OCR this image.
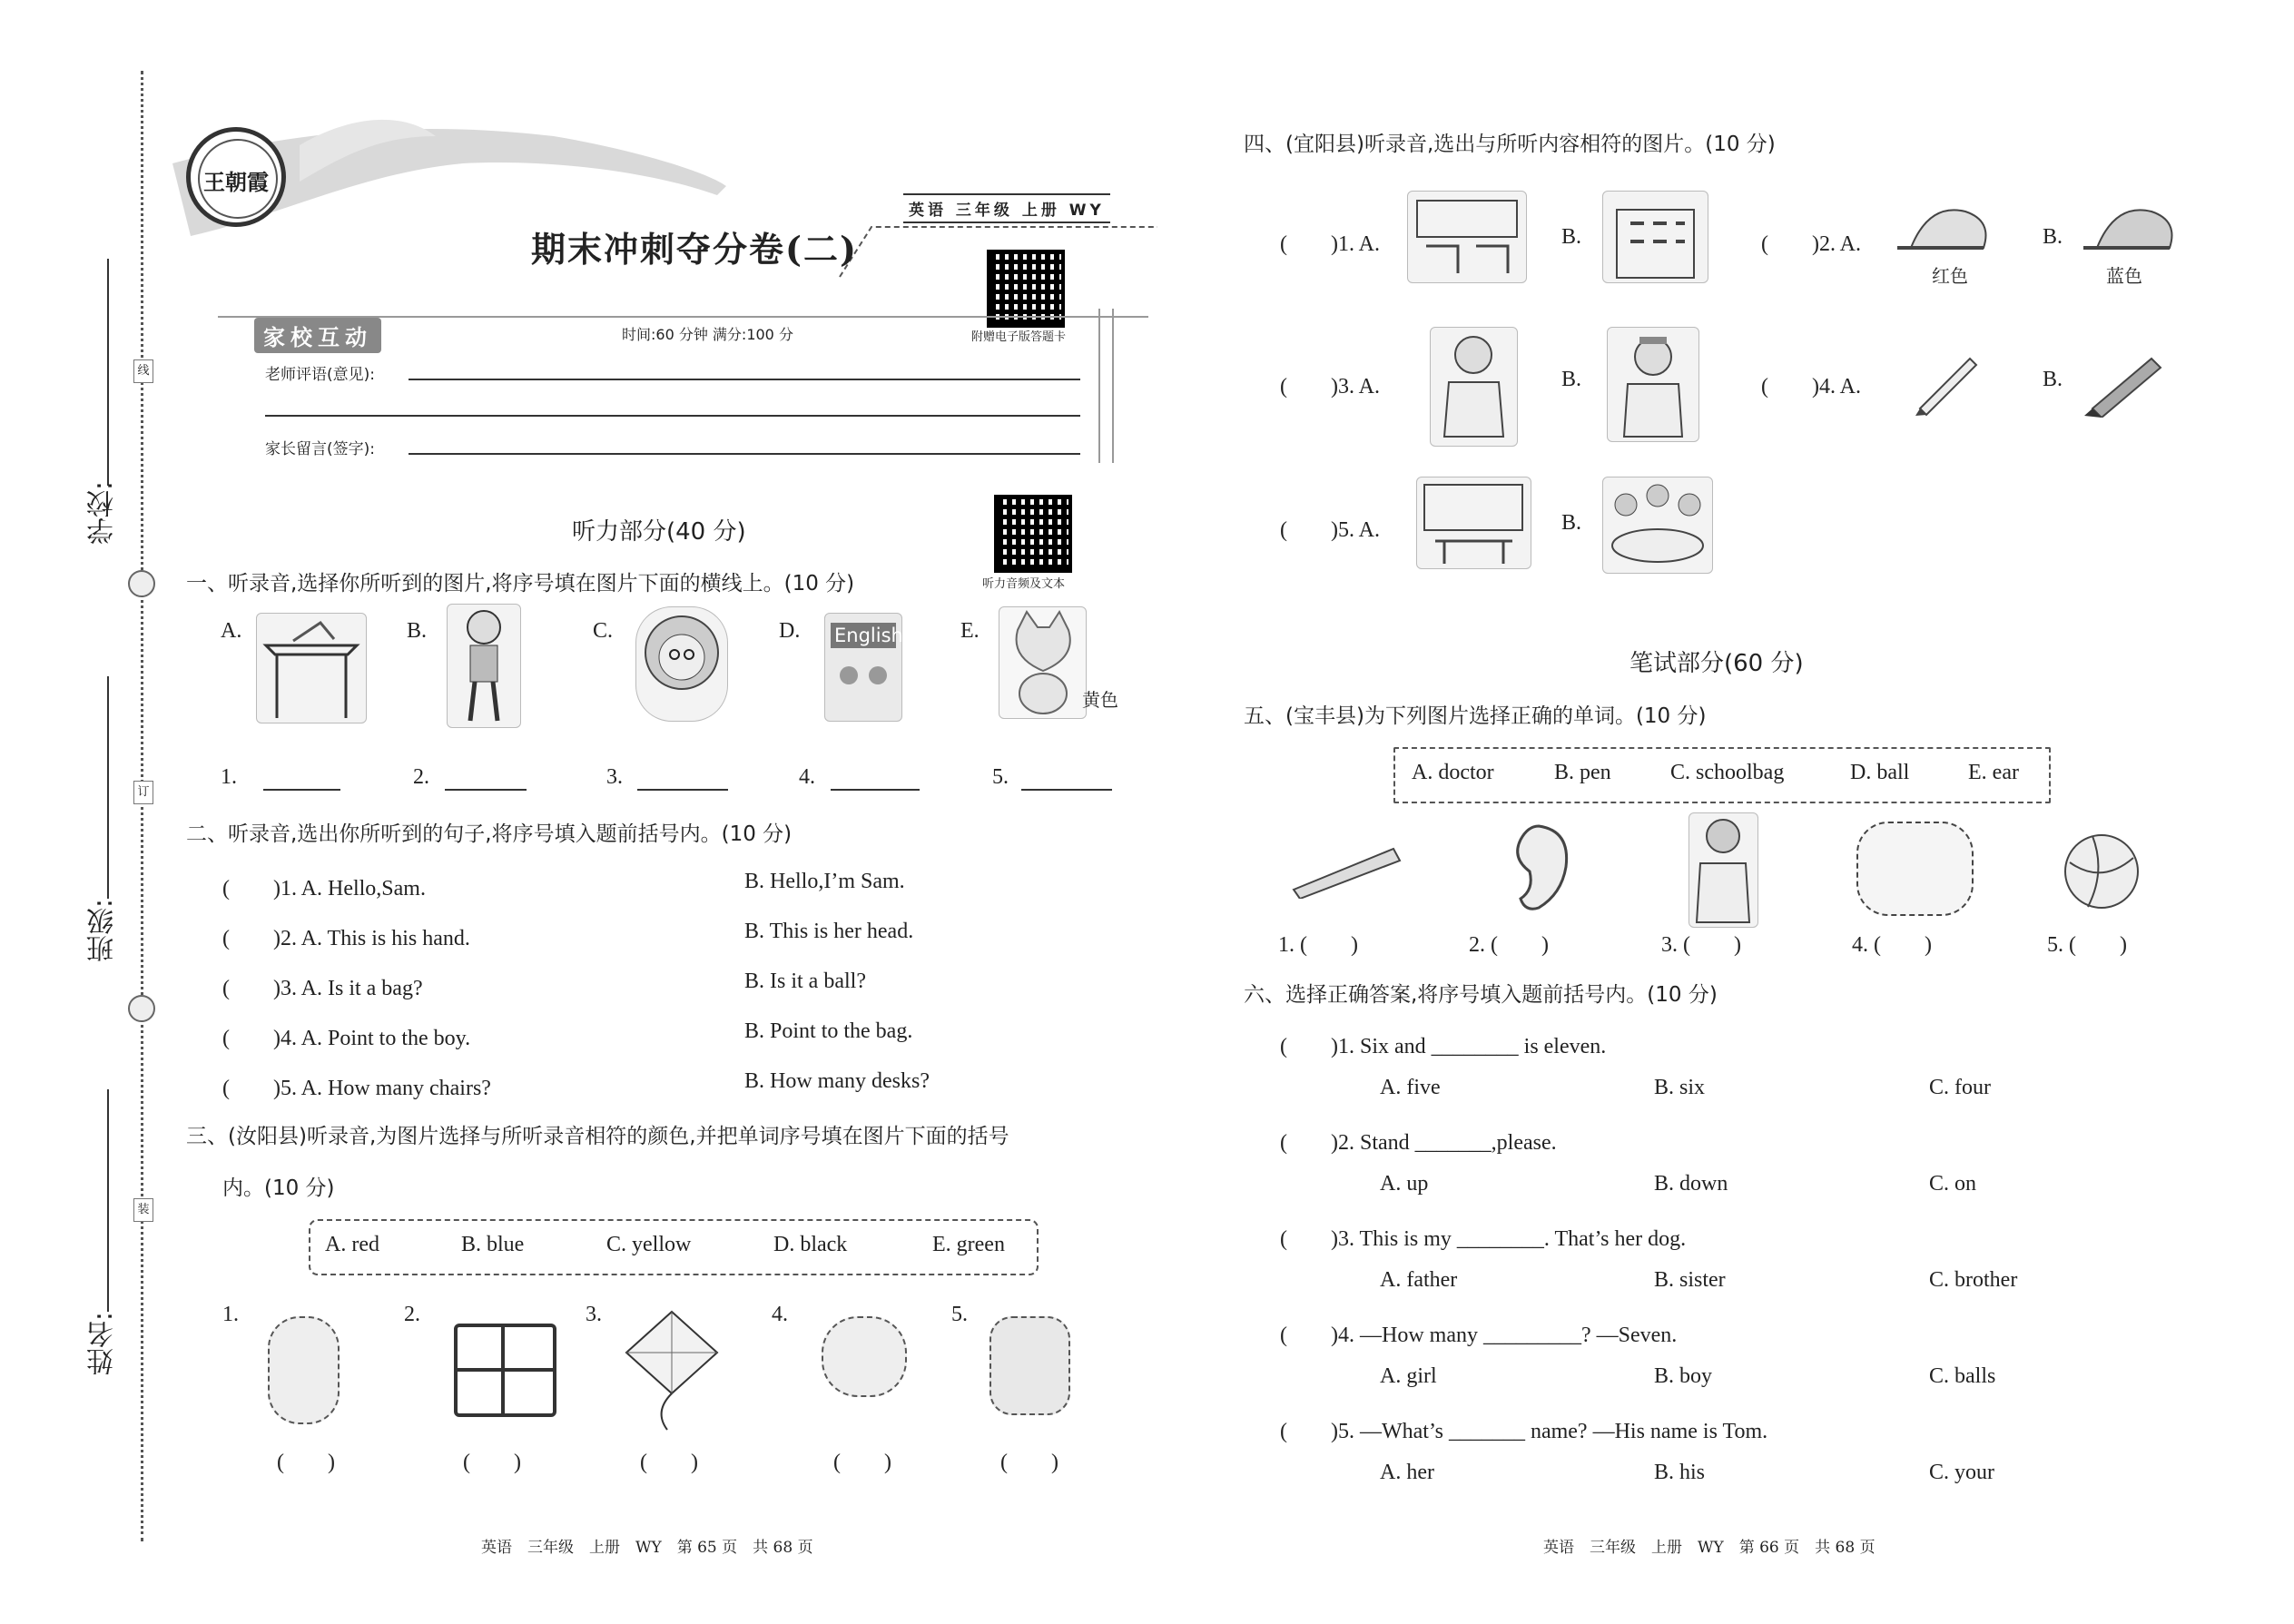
线
订
装
学校:
班级:
姓名:
王朝霞
英语 三年级 上册 WY
期末冲刺夺分卷(二)
附赠电子版答题卡
家校互动	时间:60 分钟 满分:100 分
老师评语(意见):
家长留言(签字):
听力部分(40 分)
听力音频及文本
一、听录音,选择你所听到的图片,将序号填在图片下面的横线上。(10 分)
A.	B.	C.	D. English	E.
黄色
1.	2.	3.	4.	5.
二、听录音,选出你所听到的句子,将序号填入题前括号内。(10 分)
(　　)1. A. Hello,Sam.	B. Hello,I’m Sam.
(　　)2. A. This is his hand.	B. This is her head.
(　　)3. A. Is it a bag?	B. Is it a ball?
(　　)4. A. Point to the boy.	B. Point to the bag.
(　　)5. A. How many chairs?	B. How many desks?
三、(汝阳县)听录音,为图片选择与所听录音相符的颜色,并把单词序号填在图片下面的括号
内。(10 分)
A. red	B. blue	C. yellow	D. black	E. green
1.	2.	3.	4.	5.
(　　)	(　　)	(　　)	(　　)	(　　)
英语　三年级　上册　WY　第 65 页　共 68 页
四、(宜阳县)听录音,选出与所听内容相符的图片。(10 分)
(　　)1. A.	B.	(　　)2. A.
红色
B.
蓝色
(　　)3. A.	B.	(　　)4. A.	B.
(　　)5. A.	B.
笔试部分(60 分)
五、(宝丰县)为下列图片选择正确的单词。(10 分)
A. doctor	B. pen	C. schoolbag	D. ball	E. ear
1. (　　)	2. (　　)	3. (　　)	4. (　　)	5. (　　)
六、选择正确答案,将序号填入题前括号内。(10 分)
(　　)1. Six and ________ is eleven.
A. five	B. six	C. four
(　　)2. Stand _______,please.
A. up	B. down	C. on
(　　)3. This is my ________. That’s her dog.
A. father	B. sister	C. brother
(　　)4. —How many _________? —Seven.
A. girl	B. boy	C. balls
(　　)5. —What’s _______ name? —His name is Tom.
A. her	B. his	C. your
英语　三年级　上册　WY　第 66 页　共 68 页
